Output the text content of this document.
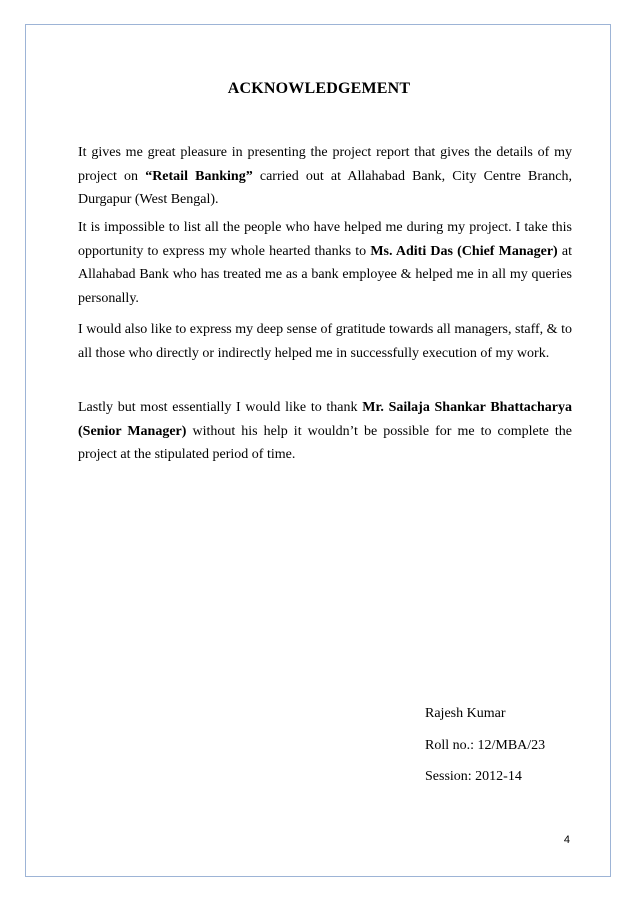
ACKNOWLEDGEMENT

It gives me great pleasure in presenting the project report that gives the details of my project on “Retail Banking” carried out at Allahabad Bank, City Centre Branch, Durgapur (West Bengal).

It is impossible to list all the people who have helped me during my project. I take this opportunity to express my whole hearted thanks to Ms. Aditi Das (Chief Manager) at Allahabad Bank who has treated me as a bank employee & helped me in all my queries personally.

I would also like to express my deep sense of gratitude towards all managers, staff, & to all those who directly or indirectly helped me in successfully execution of my work.

Lastly but most essentially I would like to thank Mr. Sailaja Shankar Bhattacharya (Senior Manager) without his help it wouldn’t be possible for me to complete the project at the stipulated period of time.

Rajesh Kumar
Roll no.: 12/MBA/23
Session: 2012-14
4
